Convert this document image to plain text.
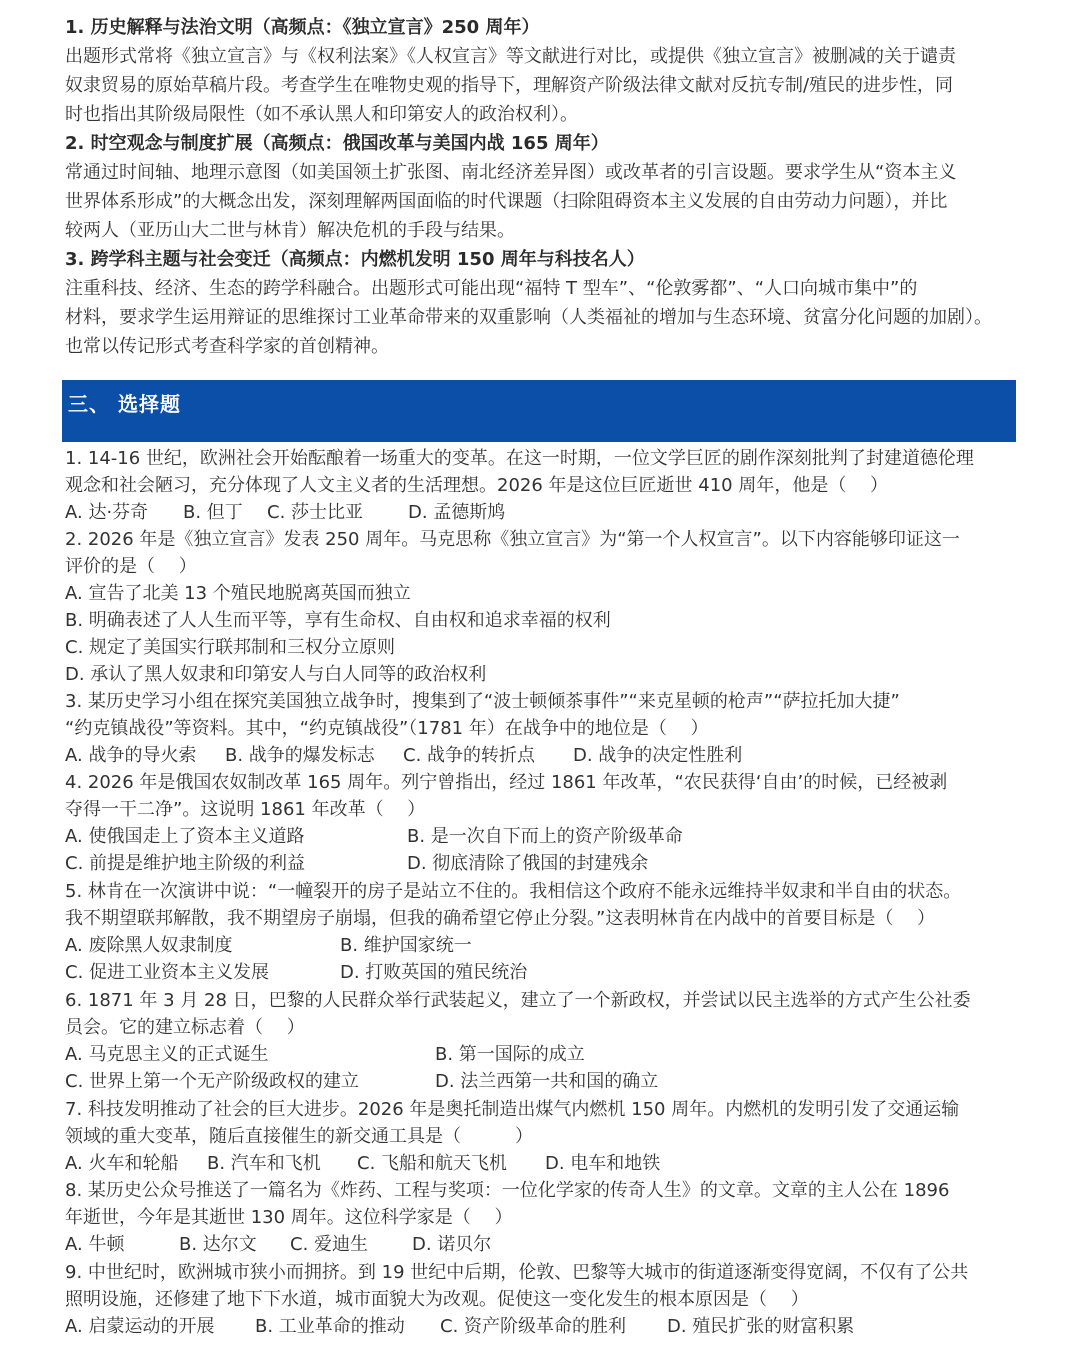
1. 历史解释与法治文明（高频点：《独立宣言》250 周年）
出题形式常将《独立宣言》与《权利法案》《人权宣言》等文献进行对比，或提供《独立宣言》被删减的关于谴责
奴隶贸易的原始草稿片段。考查学生在唯物史观的指导下，理解资产阶级法律文献对反抗专制/殖民的进步性，同
时也指出其阶级局限性（如不承认黑人和印第安人的政治权利）。
2. 时空观念与制度扩展（高频点：俄国改革与美国内战 165 周年）
常通过时间轴、地理示意图（如美国领土扩张图、南北经济差异图）或改革者的引言设题。要求学生从“资本主义
世界体系形成”的大概念出发，深刻理解两国面临的时代课题（扫除阻碍资本主义发展的自由劳动力问题），并比
较两人（亚历山大二世与林肯）解决危机的手段与结果。
3. 跨学科主题与社会变迁（高频点：内燃机发明 150 周年与科技名人）
注重科技、经济、生态的跨学科融合。出题形式可能出现“福特 T 型车”、“伦敦雾都”、“人口向城市集中”的
材料，要求学生运用辩证的思维探讨工业革命带来的双重影响（人类福祉的增加与生态环境、贫富分化问题的加剧）。
也常以传记形式考查科学家的首创精神。
三、 选择题
1. 14-16 世纪，欧洲社会开始酝酿着一场重大的变革。在这一时期，一位文学巨匠的剧作深刻批判了封建道德伦理
观念和社会陋习，充分体现了人文主义者的生活理想。2026 年是这位巨匠逝世 410 周年，他是（　 ）
A. 达·芬奇 B. 但丁 C. 莎士比亚 D. 孟德斯鸠
2. 2026 年是《独立宣言》发表 250 周年。马克思称《独立宣言》为“第一个人权宣言”。以下内容能够印证这一
评价的是（　 ）
A. 宣告了北美 13 个殖民地脱离英国而独立
B. 明确表述了人人生而平等，享有生命权、自由权和追求幸福的权利
C. 规定了美国实行联邦制和三权分立原则
D. 承认了黑人奴隶和印第安人与白人同等的政治权利
3. 某历史学习小组在探究美国独立战争时，搜集到了“波士顿倾茶事件”“来克星顿的枪声”“萨拉托加大捷”
“约克镇战役”等资料。其中，“约克镇战役”（1781 年）在战争中的地位是（　 ）
A. 战争的导火索 B. 战争的爆发标志 C. 战争的转折点 D. 战争的决定性胜利
4. 2026 年是俄国农奴制改革 165 周年。列宁曾指出，经过 1861 年改革，“农民获得‘自由’的时候，已经被剥
夺得一干二净”。这说明 1861 年改革（　 ）
A. 使俄国走上了资本主义道路	B. 是一次自下而上的资产阶级革命
C. 前提是维护地主阶级的利益	D. 彻底清除了俄国的封建残余
5. 林肯在一次演讲中说：“一幢裂开的房子是站立不住的。我相信这个政府不能永远维持半奴隶和半自由的状态。
我不期望联邦解散，我不期望房子崩塌，但我的确希望它停止分裂。”这表明林肯在内战中的首要目标是（　 ）
A. 废除黑人奴隶制度	B. 维护国家统一
C. 促进工业资本主义发展	D. 打败英国的殖民统治
6. 1871 年 3 月 28 日，巴黎的人民群众举行武装起义，建立了一个新政权，并尝试以民主选举的方式产生公社委
员会。它的建立标志着（　 ）
A. 马克思主义的正式诞生	B. 第一国际的成立
C. 世界上第一个无产阶级政权的建立	D. 法兰西第一共和国的确立
7. 科技发明推动了社会的巨大进步。2026 年是奥托制造出煤气内燃机 150 周年。内燃机的发明引发了交通运输
领域的重大变革，随后直接催生的新交通工具是（　　　）
A. 火车和轮船 B. 汽车和飞机 C. 飞船和航天飞机 D. 电车和地铁
8. 某历史公众号推送了一篇名为《炸药、工程与奖项：一位化学家的传奇人生》的文章。文章的主人公在 1896
年逝世，今年是其逝世 130 周年。这位科学家是（　 ）
A. 牛顿	B. 达尔文 C. 爱迪生 D. 诺贝尔
9. 中世纪时，欧洲城市狭小而拥挤。到 19 世纪中后期，伦敦、巴黎等大城市的街道逐渐变得宽阔，不仅有了公共
照明设施，还修建了地下下水道，城市面貌大为改观。促使这一变化发生的根本原因是（　 ）
A. 启蒙运动的开展 B. 工业革命的推动 C. 资产阶级革命的胜利 D. 殖民扩张的财富积累
